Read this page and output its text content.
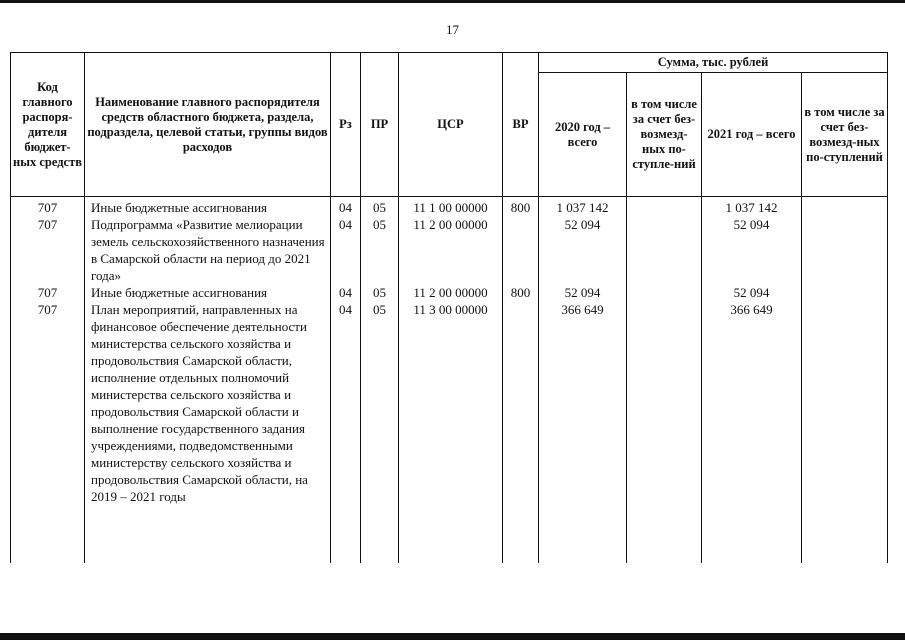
17
Код главного распоря-дителя бюджет-ных средств	Наименование главного распорядителя средств областного бюджета, раздела, подраздела, целевой статьи, группы видов расходов	Рз	ПР	ЦСР	ВР	Сумма, тыс. рублей			
						2020 год – всего	в том числе за счет без-возмезд-ных по-ступле-ний	2021 год – всего	в том числе за счет без-возмезд-ных по-ступлений
707	Иные бюджетные ассигнования	04	05	11 1 00 00000	800	1 037 142		1 037 142	
707	Подпрограмма «Развитие мелиорации земель сельскохозяйственного назначения в Самарской области на период до 2021 года»	04	05	11 2 00 00000		52 094		52 094	
707	Иные бюджетные ассигнования	04	05	11 2 00 00000	800	52 094		52 094	
707	План мероприятий, направленных на финансовое обеспечение деятельности министерства сельского хозяйства и продовольствия Самарской области, исполнение отдельных полномочий министерства сельского хозяйства и продовольствия Самарской области и выполнение государственного задания учреждениями, подведомственными министерству сельского хозяйства и продовольствия Самарской области, на 2019 – 2021 годы	04	05	11 3 00 00000		366 649		366 649	
